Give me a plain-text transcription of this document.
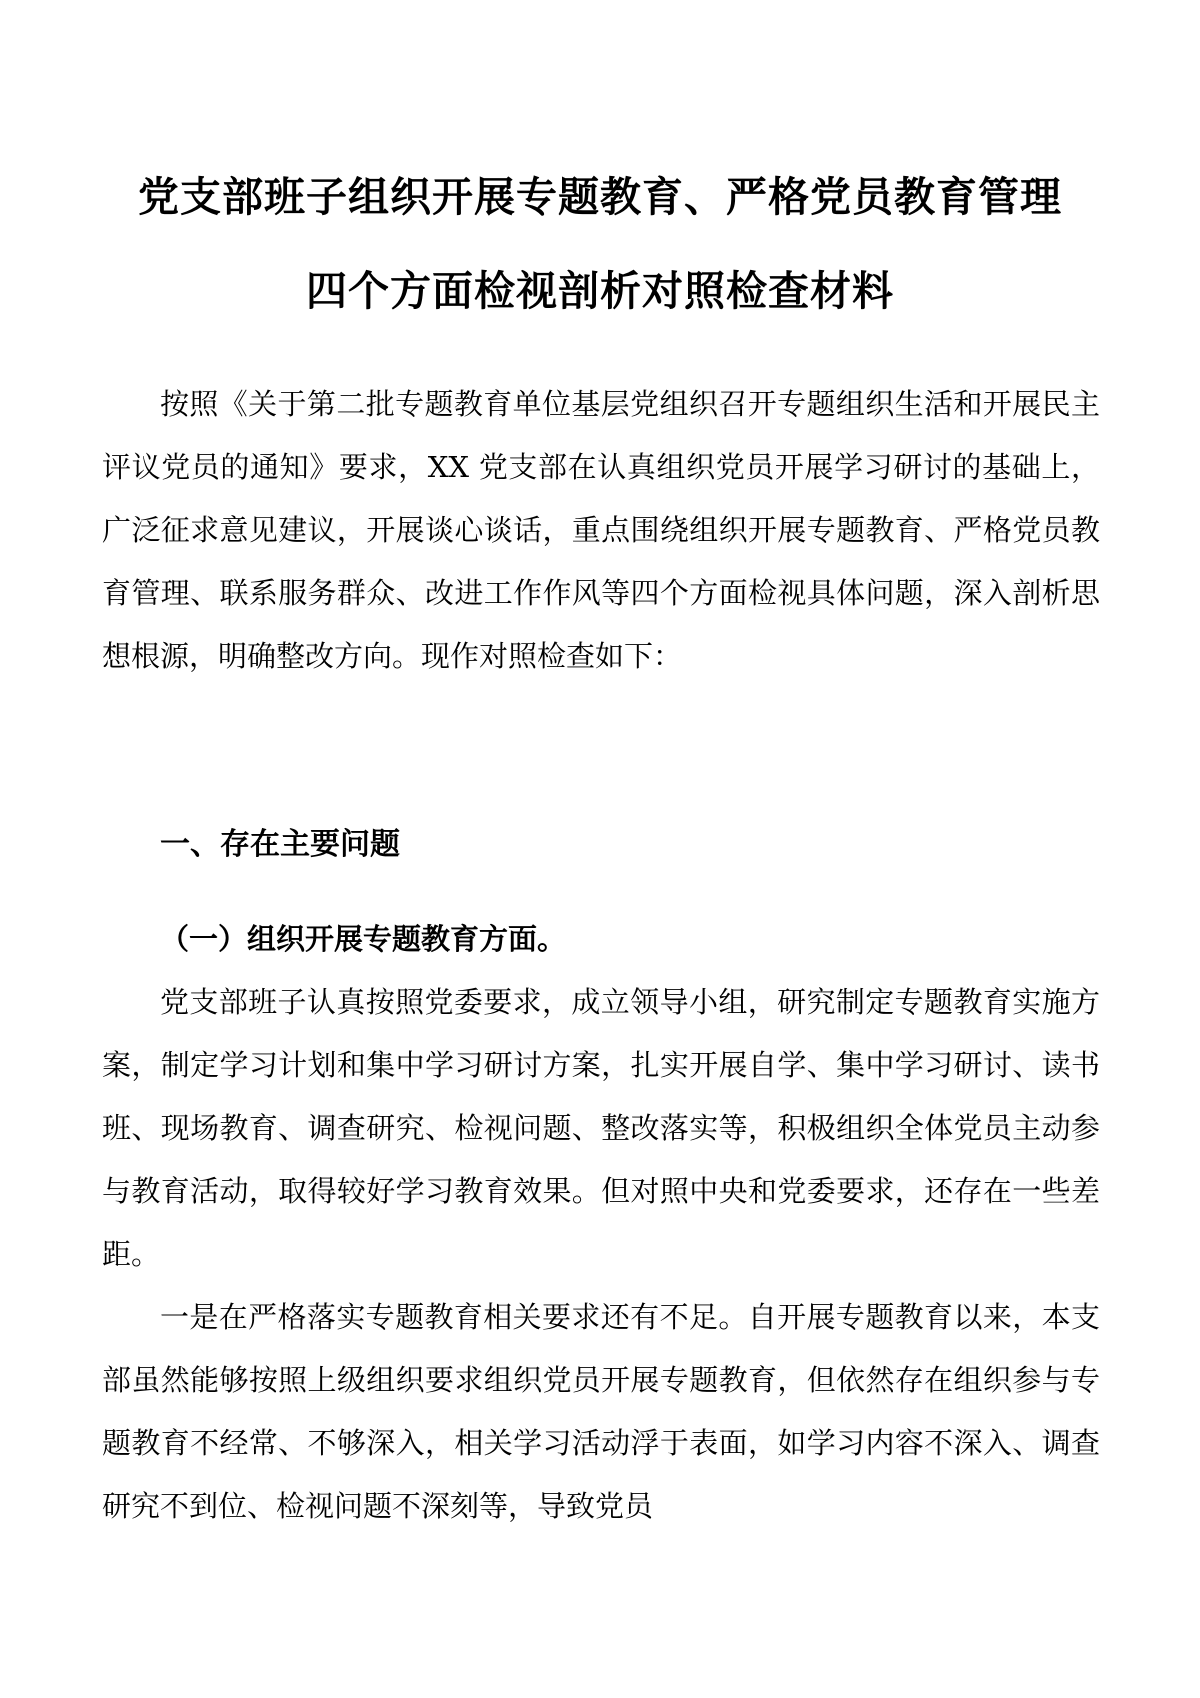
党支部班子组织开展专题教育、严格党员教育管理
四个方面检视剖析对照检查材料

按照《关于第二批专题教育单位基层党组织召开专题组织生活和开展民主评议党员的通知》要求，XX 党支部在认真组织党员开展学习研讨的基础上，广泛征求意见建议，开展谈心谈话，重点围绕组织开展专题教育、严格党员教育管理、联系服务群众、改进工作作风等四个方面检视具体问题，深入剖析思想根源，明确整改方向。现作对照检查如下：

一、存在主要问题
（一）组织开展专题教育方面。

党支部班子认真按照党委要求，成立领导小组，研究制定专题教育实施方案，制定学习计划和集中学习研讨方案，扎实开展自学、集中学习研讨、读书班、现场教育、调查研究、检视问题、整改落实等，积极组织全体党员主动参与教育活动，取得较好学习教育效果。但对照中央和党委要求，还存在一些差距。

一是在严格落实专题教育相关要求还有不足。自开展专题教育以来，本支部虽然能够按照上级组织要求组织党员开展专题教育，但依然存在组织参与专题教育不经常、不够深入，相关学习活动浮于表面，如学习内容不深入、调查研究不到位、检视问题不深刻等，导致党员
